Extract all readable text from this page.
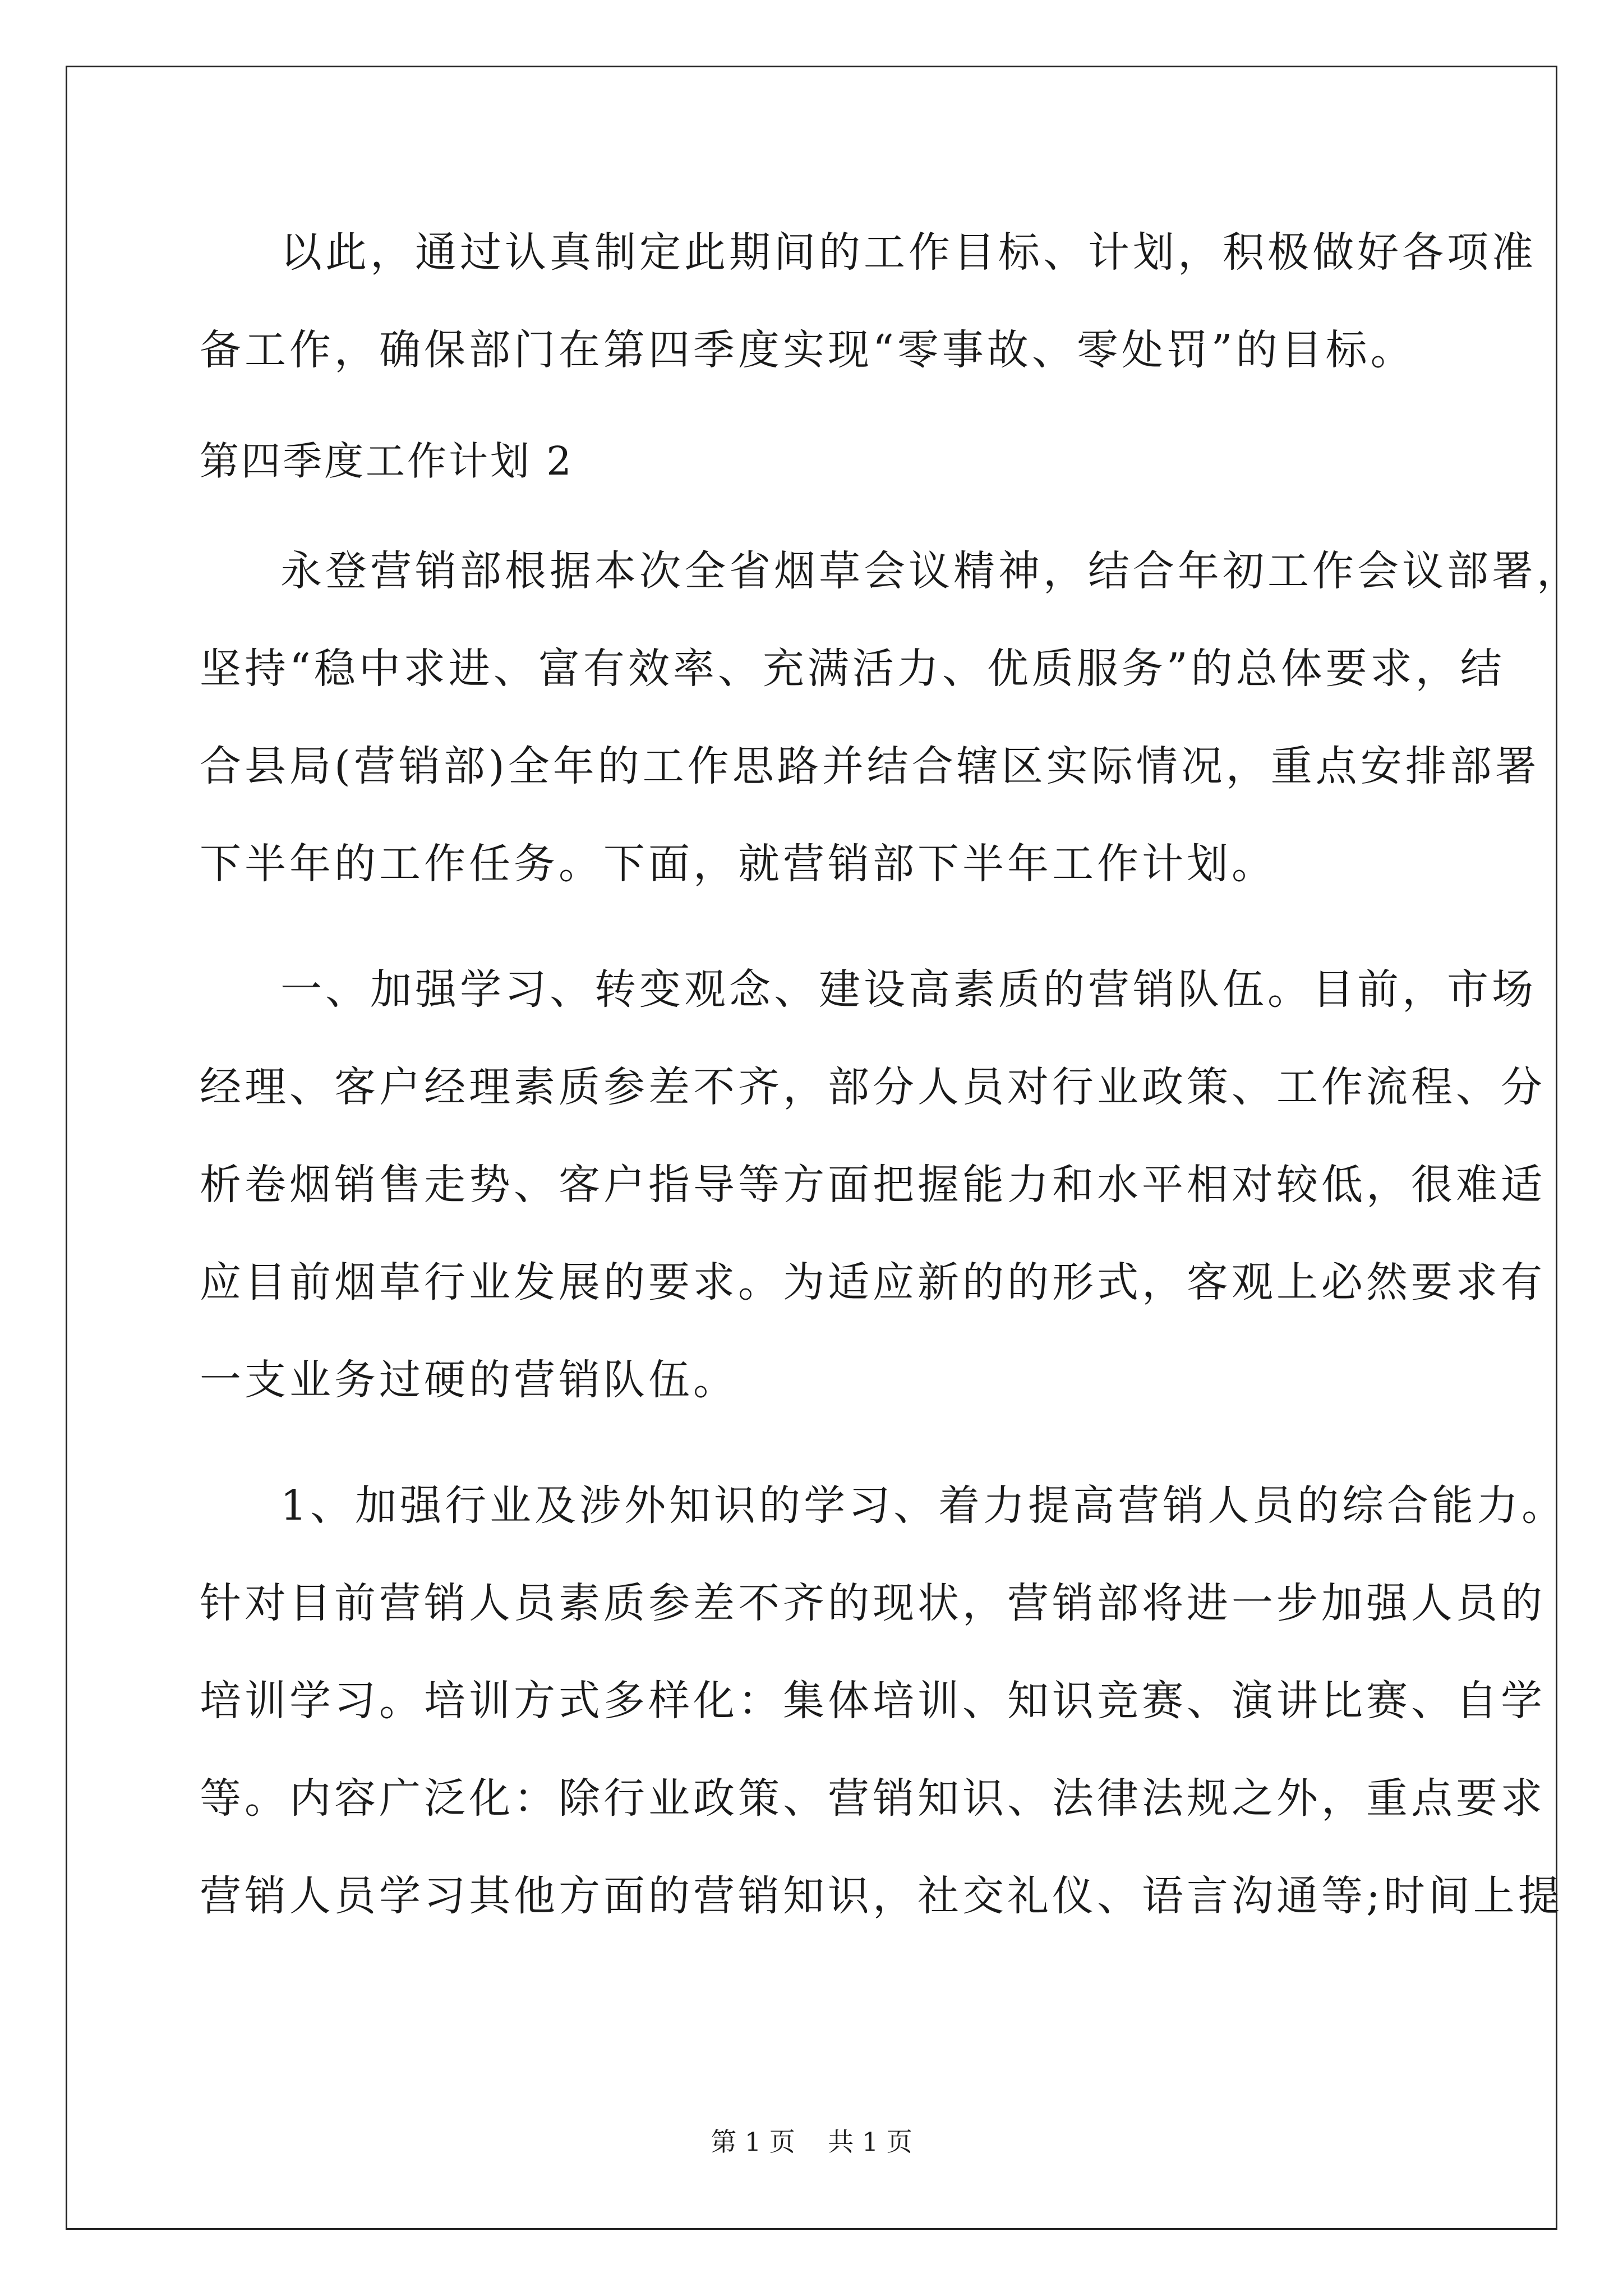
以此，通过认真制定此期间的工作目标、计划，积极做好各项准
备工作，确保部门在第四季度实现“零事故、零处罚”的目标。
第四季度工作计划 2
永登营销部根据本次全省烟草会议精神，结合年初工作会议部署，
坚持“稳中求进、富有效率、充满活力、优质服务”的总体要求，结
合县局(营销部)全年的工作思路并结合辖区实际情况，重点安排部署
下半年的工作任务。下面，就营销部下半年工作计划。
一、加强学习、转变观念、建设高素质的营销队伍。目前，市场
经理、客户经理素质参差不齐，部分人员对行业政策、工作流程、分
析卷烟销售走势、客户指导等方面把握能力和水平相对较低，很难适
应目前烟草行业发展的要求。为适应新的的形式，客观上必然要求有
一支业务过硬的营销队伍。
1、加强行业及涉外知识的学习、着力提高营销人员的综合能力。
针对目前营销人员素质参差不齐的现状，营销部将进一步加强人员的
培训学习。培训方式多样化：集体培训、知识竞赛、演讲比赛、自学
等。内容广泛化：除行业政策、营销知识、法律法规之外，重点要求
营销人员学习其他方面的营销知识，社交礼仪、语言沟通等;时间上提
第 1 页    共 1 页
